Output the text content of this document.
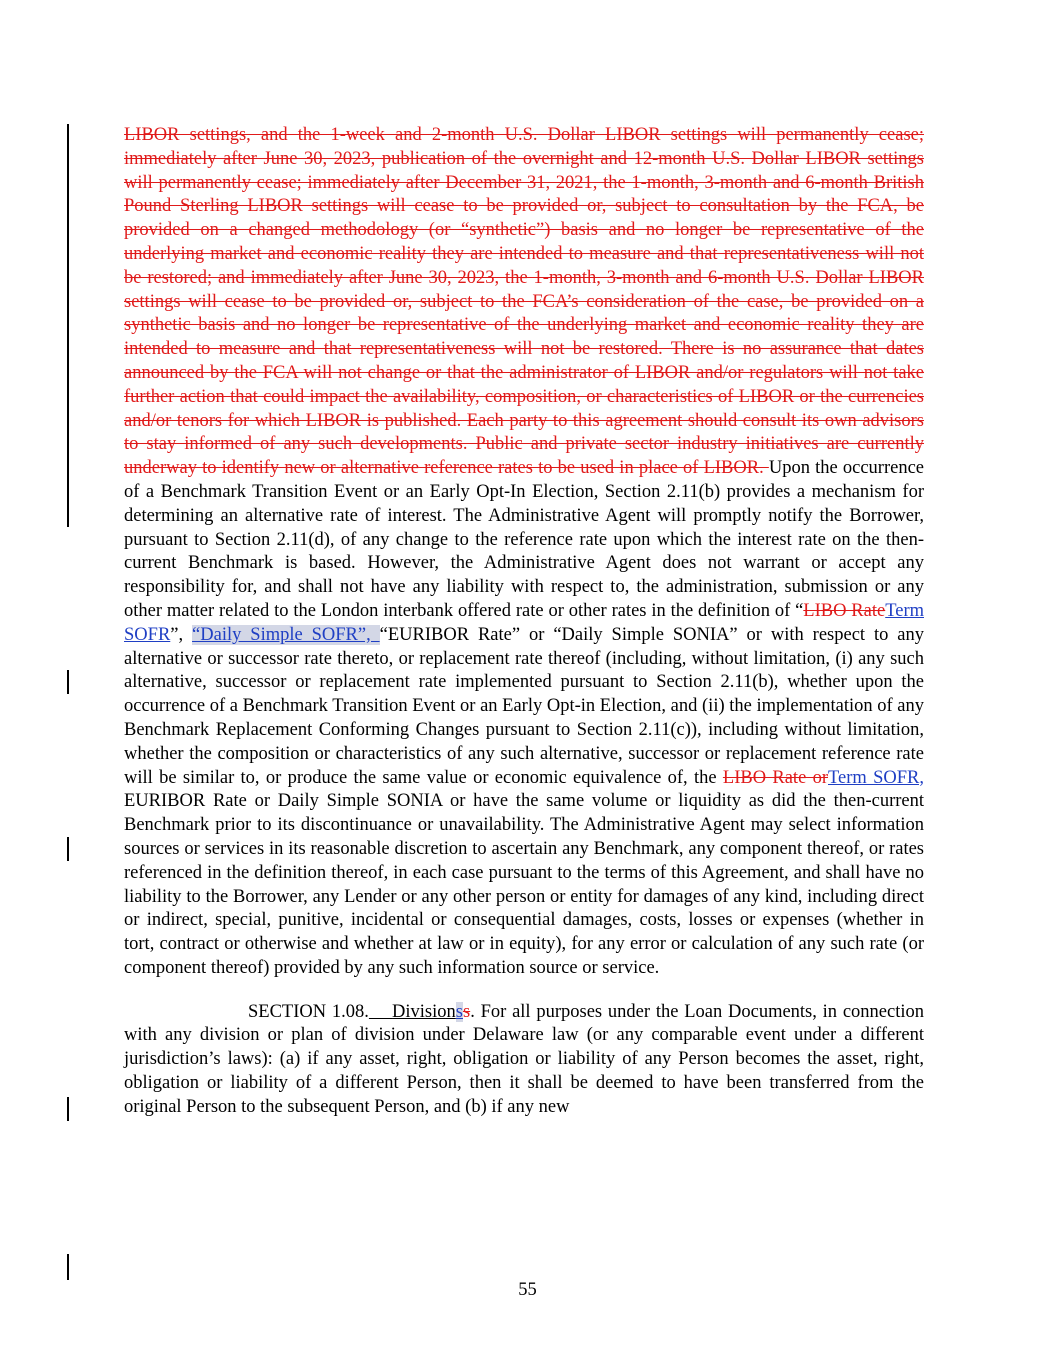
LIBOR settings, and the 1-week and 2-month U.S. Dollar LIBOR settings will permanently cease; immediately after June 30, 2023, publication of the overnight and 12-month U.S. Dollar LIBOR settings will permanently cease; immediately after December 31, 2021, the 1-month, 3-month and 6-month British Pound Sterling LIBOR settings will cease to be provided or, subject to consultation by the FCA, be provided on a changed methodology (or “synthetic”) basis and no longer be representative of the underlying market and economic reality they are intended to measure and that representativeness will not be restored; and immediately after June 30, 2023, the 1-month, 3-month and 6-month U.S. Dollar LIBOR settings will cease to be provided or, subject to the FCA’s consideration of the case, be provided on a synthetic basis and no longer be representative of the underlying market and economic reality they are intended to measure and that representativeness will not be restored. There is no assurance that dates announced by the FCA will not change or that the administrator of LIBOR and/or regulators will not take further action that could impact the availability, composition, or characteristics of LIBOR or the currencies and/or tenors for which LIBOR is published. Each party to this agreement should consult its own advisors to stay informed of any such developments. Public and private sector industry initiatives are currently underway to identify new or alternative reference rates to be used in place of LIBOR. Upon the occurrence of a Benchmark Transition Event or an Early Opt-In Election, Section 2.11(b) provides a mechanism for determining an alternative rate of interest. The Administrative Agent will promptly notify the Borrower, pursuant to Section 2.11(d), of any change to the reference rate upon which the interest rate on the then-current Benchmark is based. However, the Administrative Agent does not warrant or accept any responsibility for, and shall not have any liability with respect to, the administration, submission or any other matter related to the London interbank offered rate or other rates in the definition of “LIBO RateTerm SOFR”, “Daily Simple SOFR”, “EURIBOR Rate” or “Daily Simple SONIA” or with respect to any alternative or successor rate thereto, or replacement rate thereof (including, without limitation, (i) any such alternative, successor or replacement rate implemented pursuant to Section 2.11(b), whether upon the occurrence of a Benchmark Transition Event or an Early Opt-in Election, and (ii) the implementation of any Benchmark Replacement Conforming Changes pursuant to Section 2.11(c)), including without limitation, whether the composition or characteristics of any such alternative, successor or replacement reference rate will be similar to, or produce the same value or economic equivalence of, the LIBO Rate orTerm SOFR, EURIBOR Rate or Daily Simple SONIA or have the same volume or liquidity as did the then-current Benchmark prior to its discontinuance or unavailability. The Administrative Agent may select information sources or services in its reasonable discretion to ascertain any Benchmark, any component thereof, or rates referenced in the definition thereof, in each case pursuant to the terms of this Agreement, and shall have no liability to the Borrower, any Lender or any other person or entity for damages of any kind, including direct or indirect, special, punitive, incidental or consequential damages, costs, losses or expenses (whether in tort, contract or otherwise and whether at law or in equity), for any error or calculation of any such rate (or component thereof) provided by any such information source or service.

SECTION 1.08. Divisionss. For all purposes under the Loan Documents, in connection with any division or plan of division under Delaware law (or any comparable event under a different jurisdiction’s laws): (a) if any asset, right, obligation or liability of any Person becomes the asset, right, obligation or liability of a different Person, then it shall be deemed to have been transferred from the original Person to the subsequent Person, and (b) if any new

55
